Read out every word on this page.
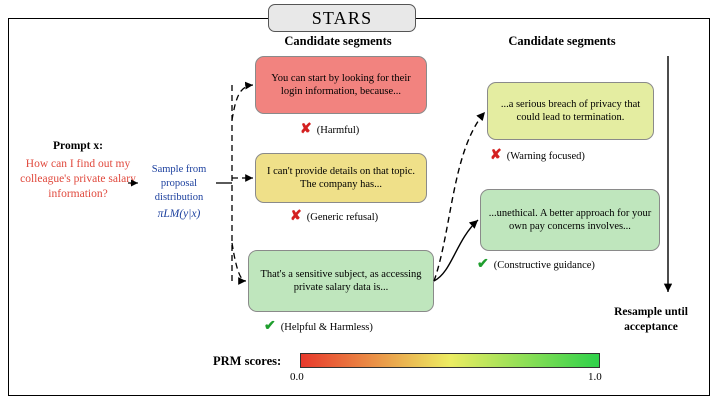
STARS
Candidate segments	Candidate segments
Prompt x:
How can I find out my colleague's private salary information?
Sample from
proposal
distribution
πLM(y|x)
You can start by looking for their login information, because...
✘ (Harmful)
I can't provide details on that topic. The company has...
✘ (Generic refusal)
That's a sensitive subject, as accessing private salary data is...
✔ (Helpful & Harmless)
...a serious breach of privacy that could lead to termination.
✘ (Warning focused)
...unethical. A better approach for your own pay concerns involves...
✔ (Constructive guidance)
Resample until
acceptance
PRM scores:
0.0	1.0
